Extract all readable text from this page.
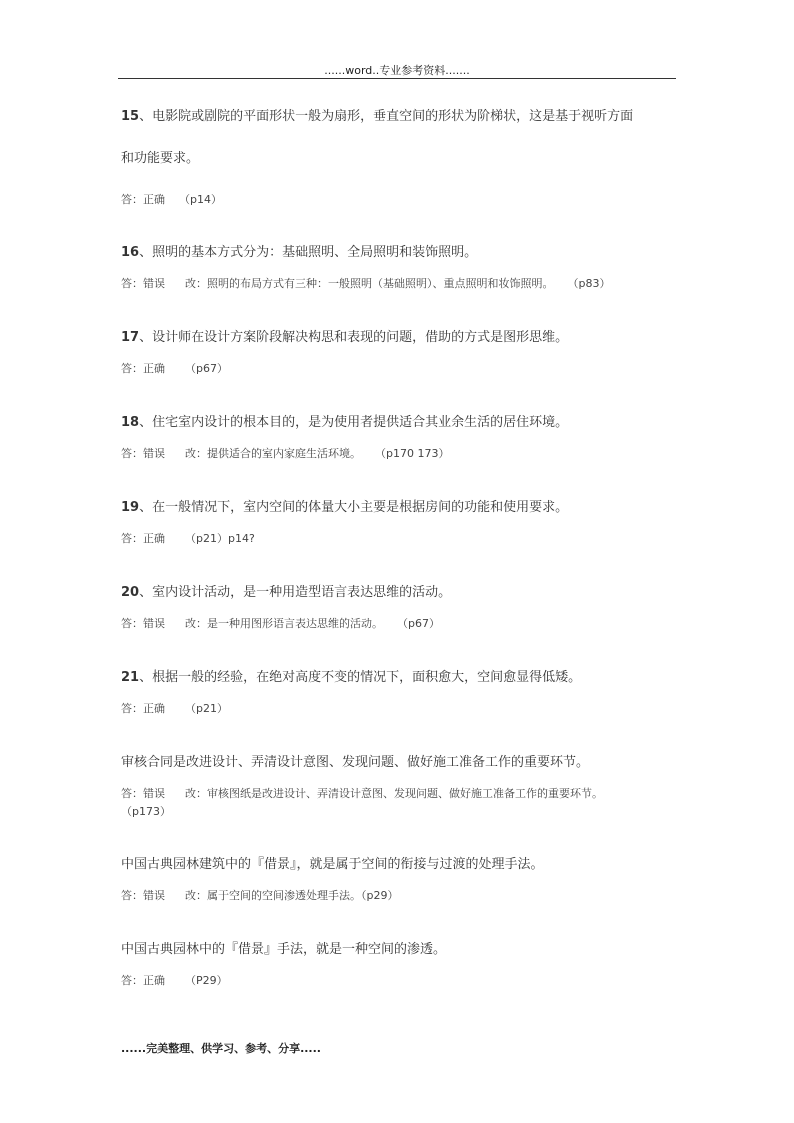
......word..专业参考资料.......

15、电影院或剧院的平面形状一般为扇形，垂直空间的形状为阶梯状，这是基于视听方面

和功能要求。

答：正确 （p14）

16、照明的基本方式分为：基础照明、全局照明和装饰照明。

答：错误 改：照明的布局方式有三种：一般照明（基础照明）、重点照明和妆饰照明。 （p83）

17、设计师在设计方案阶段解决构思和表现的问题，借助的方式是图形思维。

答：正确 （p67）

18、住宅室内设计的根本目的，是为使用者提供适合其业余生活的居住环境。

答：错误 改：提供适合的室内家庭生活环境。 （p170 173）

19、在一般情况下，室内空间的体量大小主要是根据房间的功能和使用要求。

答：正确 （p21）p14?

20、室内设计活动，是一种用造型语言表达思维的活动。

答：错误 改：是一种用图形语言表达思维的活动。 （p67）

21、根据一般的经验，在绝对高度不变的情况下，面积愈大，空间愈显得低矮。

答：正确 （p21）

审核合同是改进设计、弄清设计意图、发现问题、做好施工准备工作的重要环节。

答：错误 改：审核图纸是改进设计、弄清设计意图、发现问题、做好施工准备工作的重要环节。
（p173）

中国古典园林建筑中的『借景』，就是属于空间的衔接与过渡的处理手法。

答：错误 改：属于空间的空间渗透处理手法。（p29）

中国古典园林中的『借景』手法，就是一种空间的渗透。

答：正确 （P29）

......完美整理、供学习、参考、分享.....
